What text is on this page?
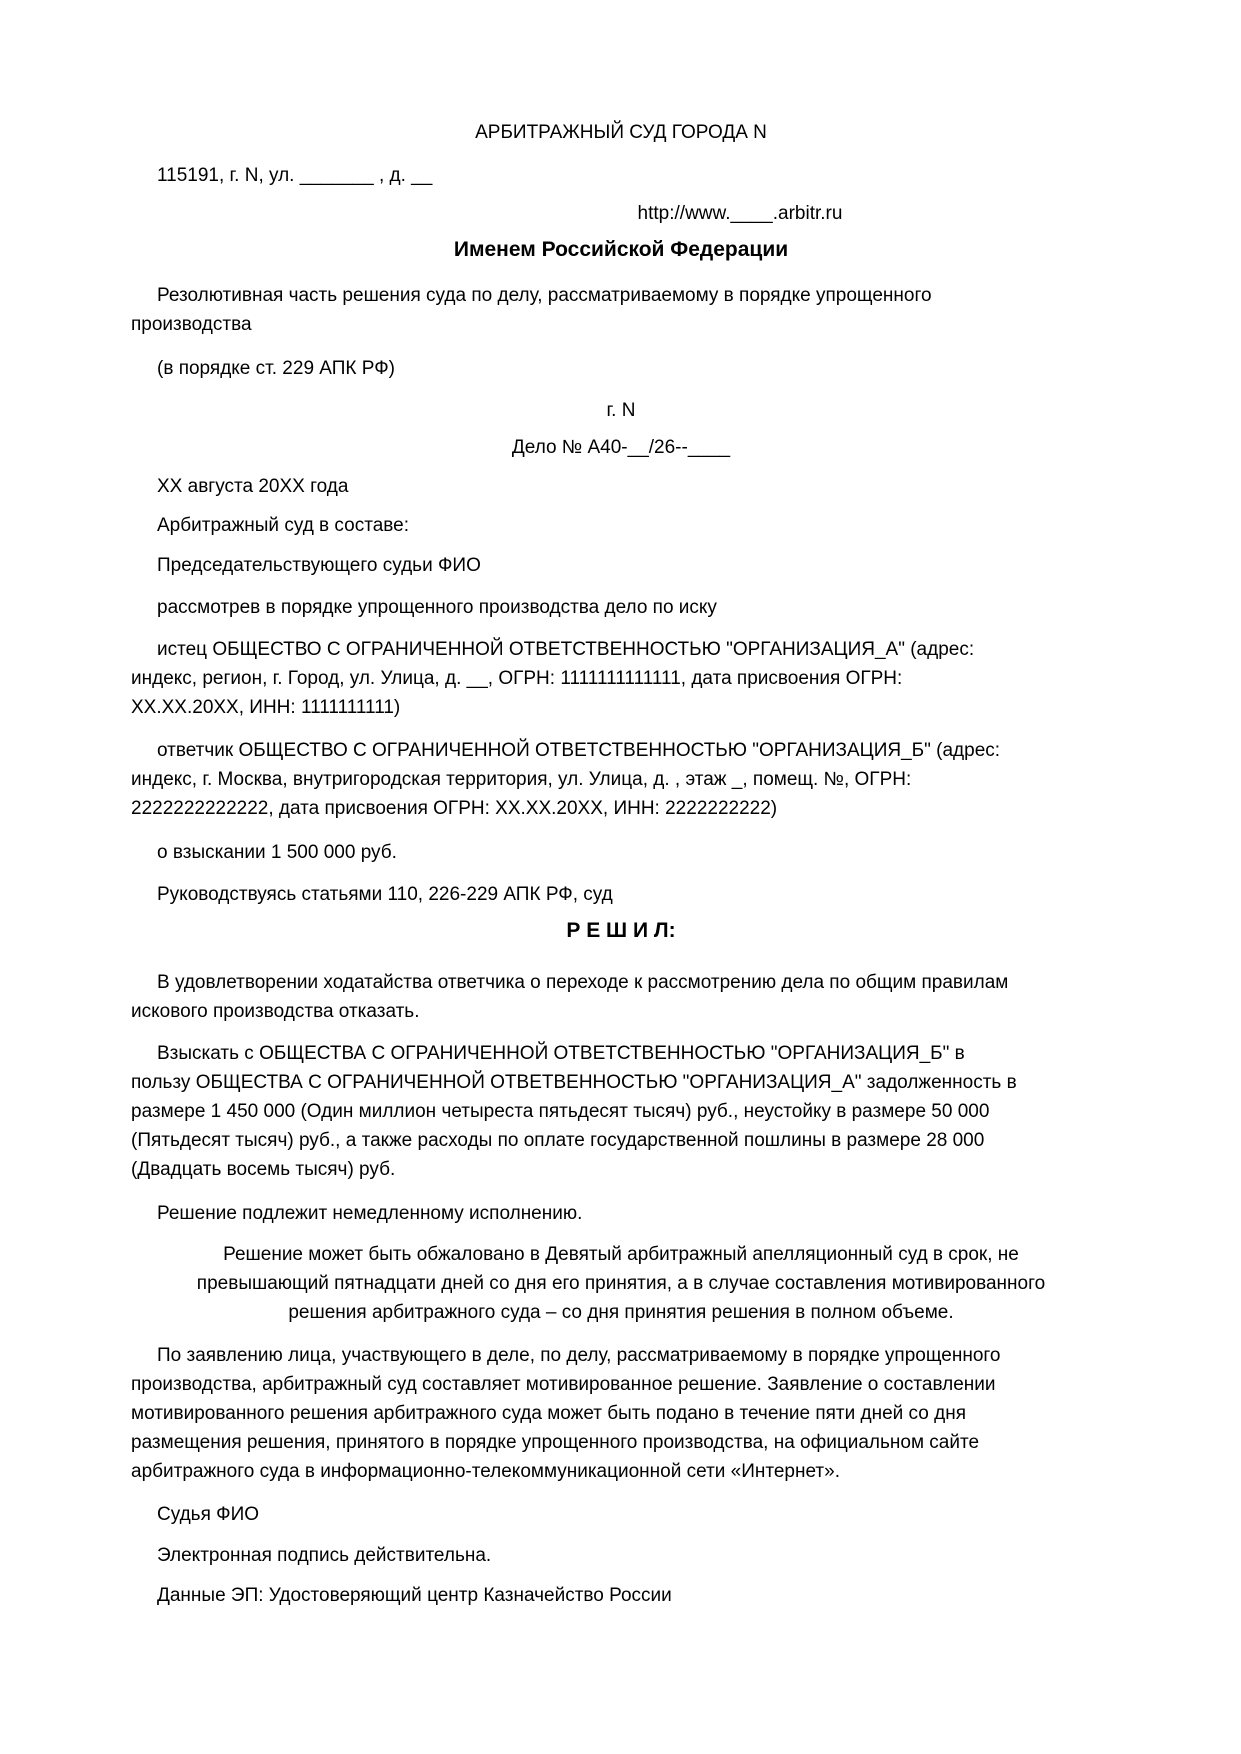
АРБИТРАЖНЫЙ СУД ГОРОДА N
115191, г. N, ул. _______ , д. __
http://www.____.arbitr.ru
Именем Российской Федерации
Резолютивная часть решения суда по делу, рассматриваемому в порядке упрощенного
производства
(в порядке ст. 229 АПК РФ)
г. N
Дело № А40-__/26--____
XX августа 20XX года
Арбитражный суд в составе:
Председательствующего судьи ФИО
рассмотрев в порядке упрощенного производства дело по иску
истец ОБЩЕСТВО С ОГРАНИЧЕННОЙ ОТВЕТСТВЕННОСТЬЮ "ОРГАНИЗАЦИЯ_А" (адрес:
индекс, регион, г. Город, ул. Улица, д. __, ОГРН: 1111111111111, дата присвоения ОГРН:
XX.XX.20XX, ИНН: 1111111111)
ответчик ОБЩЕСТВО С ОГРАНИЧЕННОЙ ОТВЕТСТВЕННОСТЬЮ "ОРГАНИЗАЦИЯ_Б" (адрес:
индекс, г. Москва, внутригородская территория, ул. Улица, д. , этаж _, помещ. №, ОГРН:
2222222222222, дата присвоения ОГРН: XX.XX.20XX, ИНН: 2222222222)
о взыскании 1 500 000 руб.
Руководствуясь статьями 110, 226-229 АПК РФ, суд
Р Е Ш И Л:
В удовлетворении ходатайства ответчика о переходе к рассмотрению дела по общим правилам
искового производства отказать.
Взыскать с ОБЩЕСТВА С ОГРАНИЧЕННОЙ ОТВЕТСТВЕННОСТЬЮ "ОРГАНИЗАЦИЯ_Б" в
пользу ОБЩЕСТВА С ОГРАНИЧЕННОЙ ОТВЕТВЕННОСТЬЮ "ОРГАНИЗАЦИЯ_А" задолженность в
размере 1 450 000 (Один миллион четыреста пятьдесят тысяч) руб., неустойку в размере 50 000
(Пятьдесят тысяч) руб., а также расходы по оплате государственной пошлины в размере 28 000
(Двадцать восемь тысяч) руб.
Решение подлежит немедленному исполнению.
Решение может быть обжаловано в Девятый арбитражный апелляционный суд в срок, не
превышающий пятнадцати дней со дня его принятия, а в случае составления мотивированного
решения арбитражного суда – со дня принятия решения в полном объеме.
По заявлению лица, участвующего в деле, по делу, рассматриваемому в порядке упрощенного
производства, арбитражный суд составляет мотивированное решение. Заявление о составлении
мотивированного решения арбитражного суда может быть подано в течение пяти дней со дня
размещения решения, принятого в порядке упрощенного производства, на официальном сайте
арбитражного суда в информационно-телекоммуникационной сети «Интернет».
Судья ФИО
Электронная подпись действительна.
Данные ЭП: Удостоверяющий центр Казначейство России
